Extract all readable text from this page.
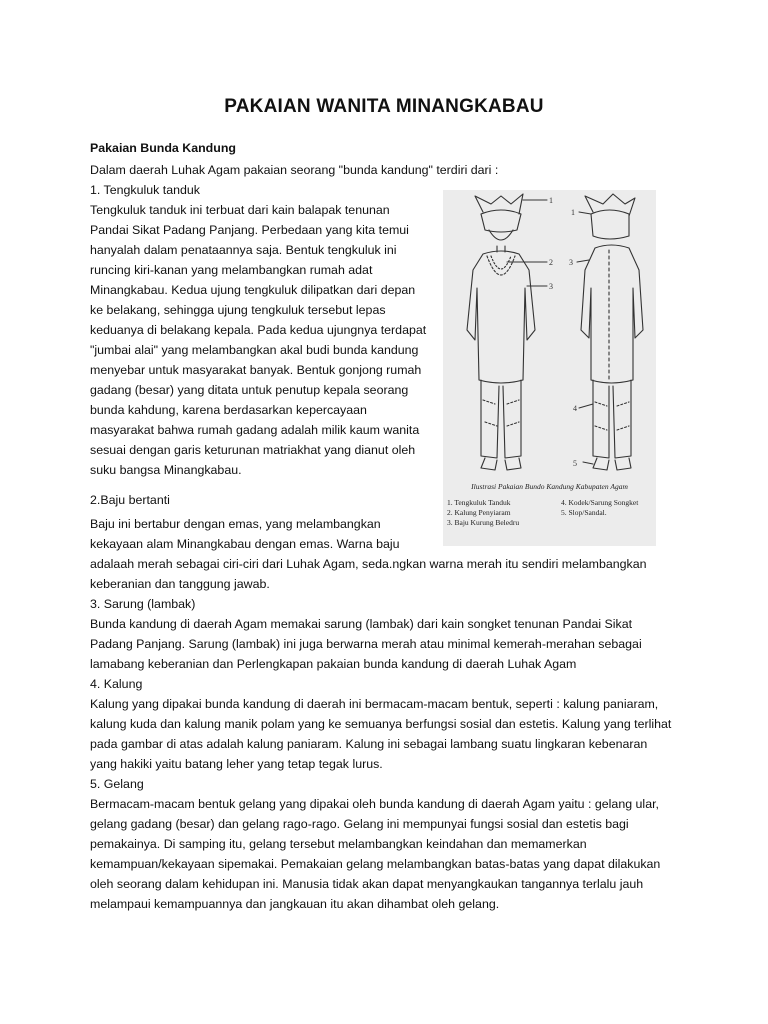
PAKAIAN WANITA MINANGKABAU
Pakaian Bunda Kandung
Dalam daerah Luhak Agam pakaian seorang "bunda kandung" terdiri dari :
1. Tengkuluk tanduk
Tengkuluk tanduk ini terbuat dari kain balapak tenunan
Pandai Sikat Padang Panjang. Perbedaan yang kita temui
hanyalah dalam penataannya saja. Bentuk tengkuluk ini
runcing kiri-kanan yang melambangkan rumah adat
Minangkabau. Kedua ujung tengkuluk dilipatkan dari depan
ke belakang, sehingga ujung tengkuluk tersebut lepas
keduanya di belakang kepala. Pada kedua ujungnya terdapat
"jumbai alai" yang melambangkan akal budi bunda kandung
menyebar untuk masyarakat banyak. Bentuk gonjong rumah
gadang (besar) yang ditata untuk penutup kepala seorang
bunda kahdung, karena berdasarkan kepercayaan
masyarakat bahwa rumah gadang adalah milik kaum wanita
sesuai dengan garis keturunan matriakhat yang dianut oleh
suku bangsa Minangkabau.
2.Baju bertanti
Baju ini bertabur dengan emas, yang melambangkan
kekayaan alam Minangkabau dengan emas. Warna baju
adalaah merah sebagai ciri-ciri dari Luhak Agam, seda.ngkan warna merah itu sendiri melambangkan
keberanian dan tanggung jawab.
3. Sarung (lambak)
Bunda kandung di daerah Agam memakai sarung (lambak) dari kain songket tenunan Pandai Sikat
Padang Panjang. Sarung (lambak) ini juga berwarna merah atau minimal kemerah-merahan sebagai
lamabang keberanian dan Perlengkapan pakaian bunda kandung di daerah Luhak Agam
4. Kalung
Kalung yang dipakai bunda kandung di daerah ini bermacam-macam bentuk, seperti : kalung paniaram,
kalung kuda dan kalung manik polam yang ke semuanya berfungsi sosial dan estetis. Kalung yang terlihat
pada gambar di atas adalah kalung paniaram. Kalung ini sebagai lambang suatu lingkaran kebenaran
yang hakiki yaitu batang leher yang tetap tegak lurus.
5. Gelang
Bermacam-macam bentuk gelang yang dipakai oleh bunda kandung di daerah Agam yaitu : gelang ular,
gelang gadang (besar) dan gelang rago-rago. Gelang ini mempunyai fungsi sosial dan estetis bagi
pemakainya. Di samping itu, gelang tersebut melambangkan keindahan dan memamerkan
kemampuan/kekayaan sipemakai. Pemakaian gelang melambangkan batas-batas yang dapat dilakukan
oleh seorang dalam kehidupan ini. Manusia tidak akan dapat menyangkaukan tangannya terlalu jauh
melampaui kemampuannya dan jangkauan itu akan dihambat oleh gelang.
1
2
3
4
5
1
3
Ilustrasi Pakaian Bundo Kandung Kabupaten Agam
1. Tengkuluk Tanduk
2. Kalung Penyiaram
3. Baju Kurung Beledru
4. Kodek/Sarung Songket
5. Slop/Sandal.
